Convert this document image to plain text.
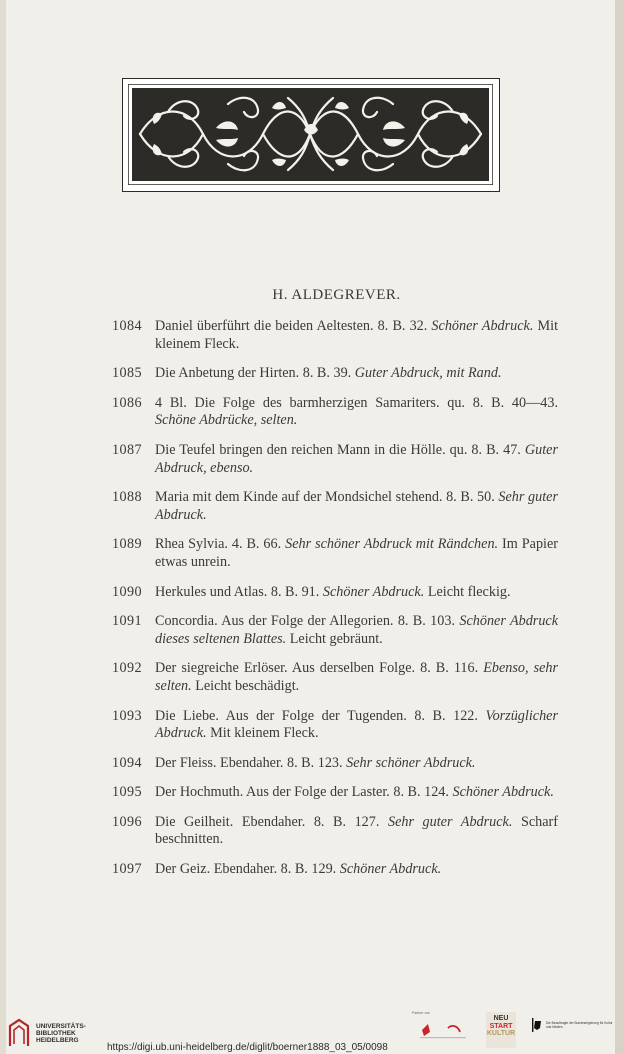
H. ALDEGREVER.

1084 Daniel überführt die beiden Aeltesten. 8. B. 32. Schöner Abdruck. Mit kleinem Fleck.

1085 Die Anbetung der Hirten. 8. B. 39. Guter Abdruck, mit Rand.

1086 4 Bl. Die Folge des barmherzigen Samariters. qu. 8. B. 40—43. Schöne Abdrücke, selten.

1087 Die Teufel bringen den reichen Mann in die Hölle. qu. 8. B. 47. Guter Abdruck, ebenso.

1088 Maria mit dem Kinde auf der Mondsichel stehend. 8. B. 50. Sehr guter Abdruck.

1089 Rhea Sylvia. 4. B. 66. Sehr schöner Abdruck mit Rändchen. Im Papier etwas unrein.

1090 Herkules und Atlas. 8. B. 91. Schöner Abdruck. Leicht fleckig.

1091 Concordia. Aus der Folge der Allegorien. 8. B. 103. Schöner Abdruck dieses seltenen Blattes. Leicht gebräunt.

1092 Der siegreiche Erlöser. Aus derselben Folge. 8. B. 116. Ebenso, sehr selten. Leicht beschädigt.

1093 Die Liebe. Aus der Folge der Tugenden. 8. B. 122. Vorzüglicher Abdruck. Mit kleinem Fleck.

1094 Der Fleiss. Ebendaher. 8. B. 123. Sehr schöner Abdruck.

1095 Der Hochmuth. Aus der Folge der Laster. 8. B. 124. Schöner Abdruck.

1096 Die Geilheit. Ebendaher. 8. B. 127. Sehr guter Abdruck. Scharf beschnitten.

1097 Der Geiz. Ebendaher. 8. B. 129. Schöner Abdruck.

UNIVERSITÄTS-
BIBLIOTHEK
HEIDELBERG
https://digi.ub.uni-heidelberg.de/diglit/boerner1888_03_05/0098
Partner von
NEU
START
KULTUR
Die Beauftragte der Bundesregierung für Kultur und Medien
